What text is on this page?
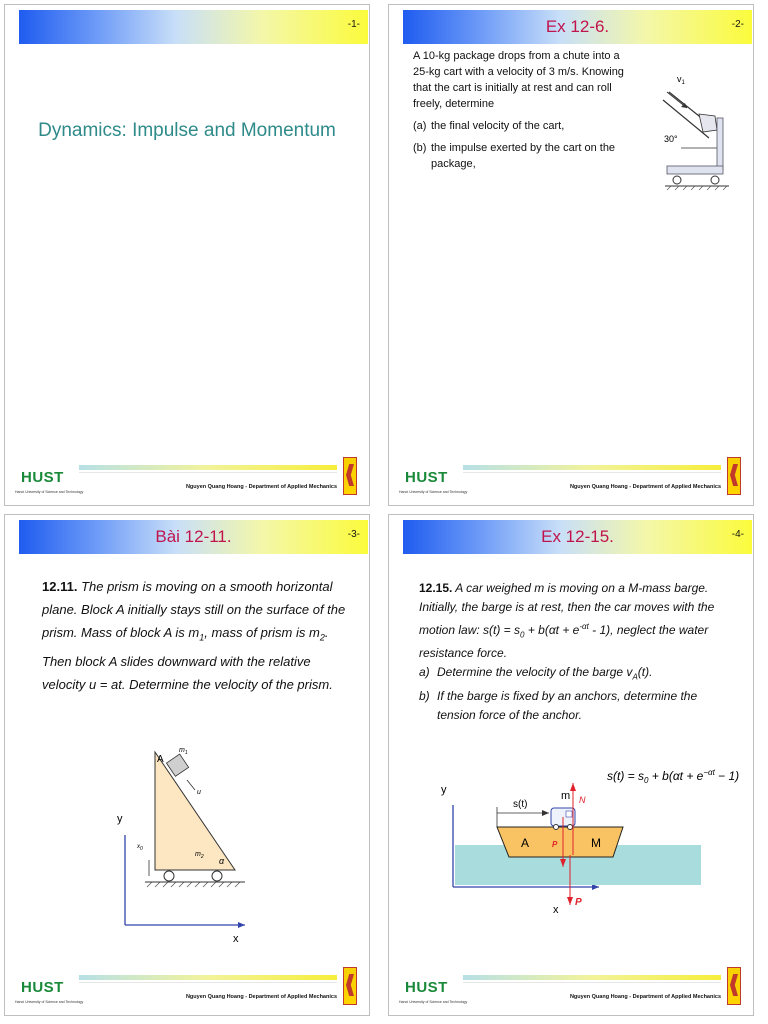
-1-
Dynamics: Impulse and Momentum
HUST
Hanoi University of Science and Technology
Nguyen Quang Hoang - Department of Applied Mechanics
Ex 12-6.	-2-
A 10-kg package drops from a chute into a 25-kg cart with a velocity of 3 m/s. Knowing that the cart is initially at rest and can roll freely, determine
(a) the final velocity of the cart,
(b) the impulse exerted by the cart on the package,
$v_1$
30°
HUST
Hanoi University of Science and Technology
Nguyen Quang Hoang - Department of Applied Mechanics
Bài 12-11.	-3-
12.11. The prism is moving on a smooth horizontal plane. Block A initially stays still on the surface of the prism. Mass of block A is $m_1$, mass of prism is $m_2$. Then block A slides downward with the relative velocity u = at. Determine the velocity of the prism.
y
x
$x_0$
A
$m_1$
u
$m_2$ α
HUST
Hanoi University of Science and Technology
Nguyen Quang Hoang - Department of Applied Mechanics
Ex 12-15.	-4-
12.15. A car weighed m is moving on a M-mass barge. Initially, the barge is at rest, then the car moves with the motion law: $s(t) = s_0 + b(\alpha t + e^{-\alpha t} - 1)$, neglect the water resistance force.
a) Determine the velocity of the barge $v_A(t)$.
b) If the barge is fixed by an anchors, determine the tension force of the anchor.
$s(t) = s_0 + b(\alpha t + e^{-\alpha t} - 1)$
y
x
A	M
m
s(t)
P
N
P
HUST
Hanoi University of Science and Technology
Nguyen Quang Hoang - Department of Applied Mechanics
